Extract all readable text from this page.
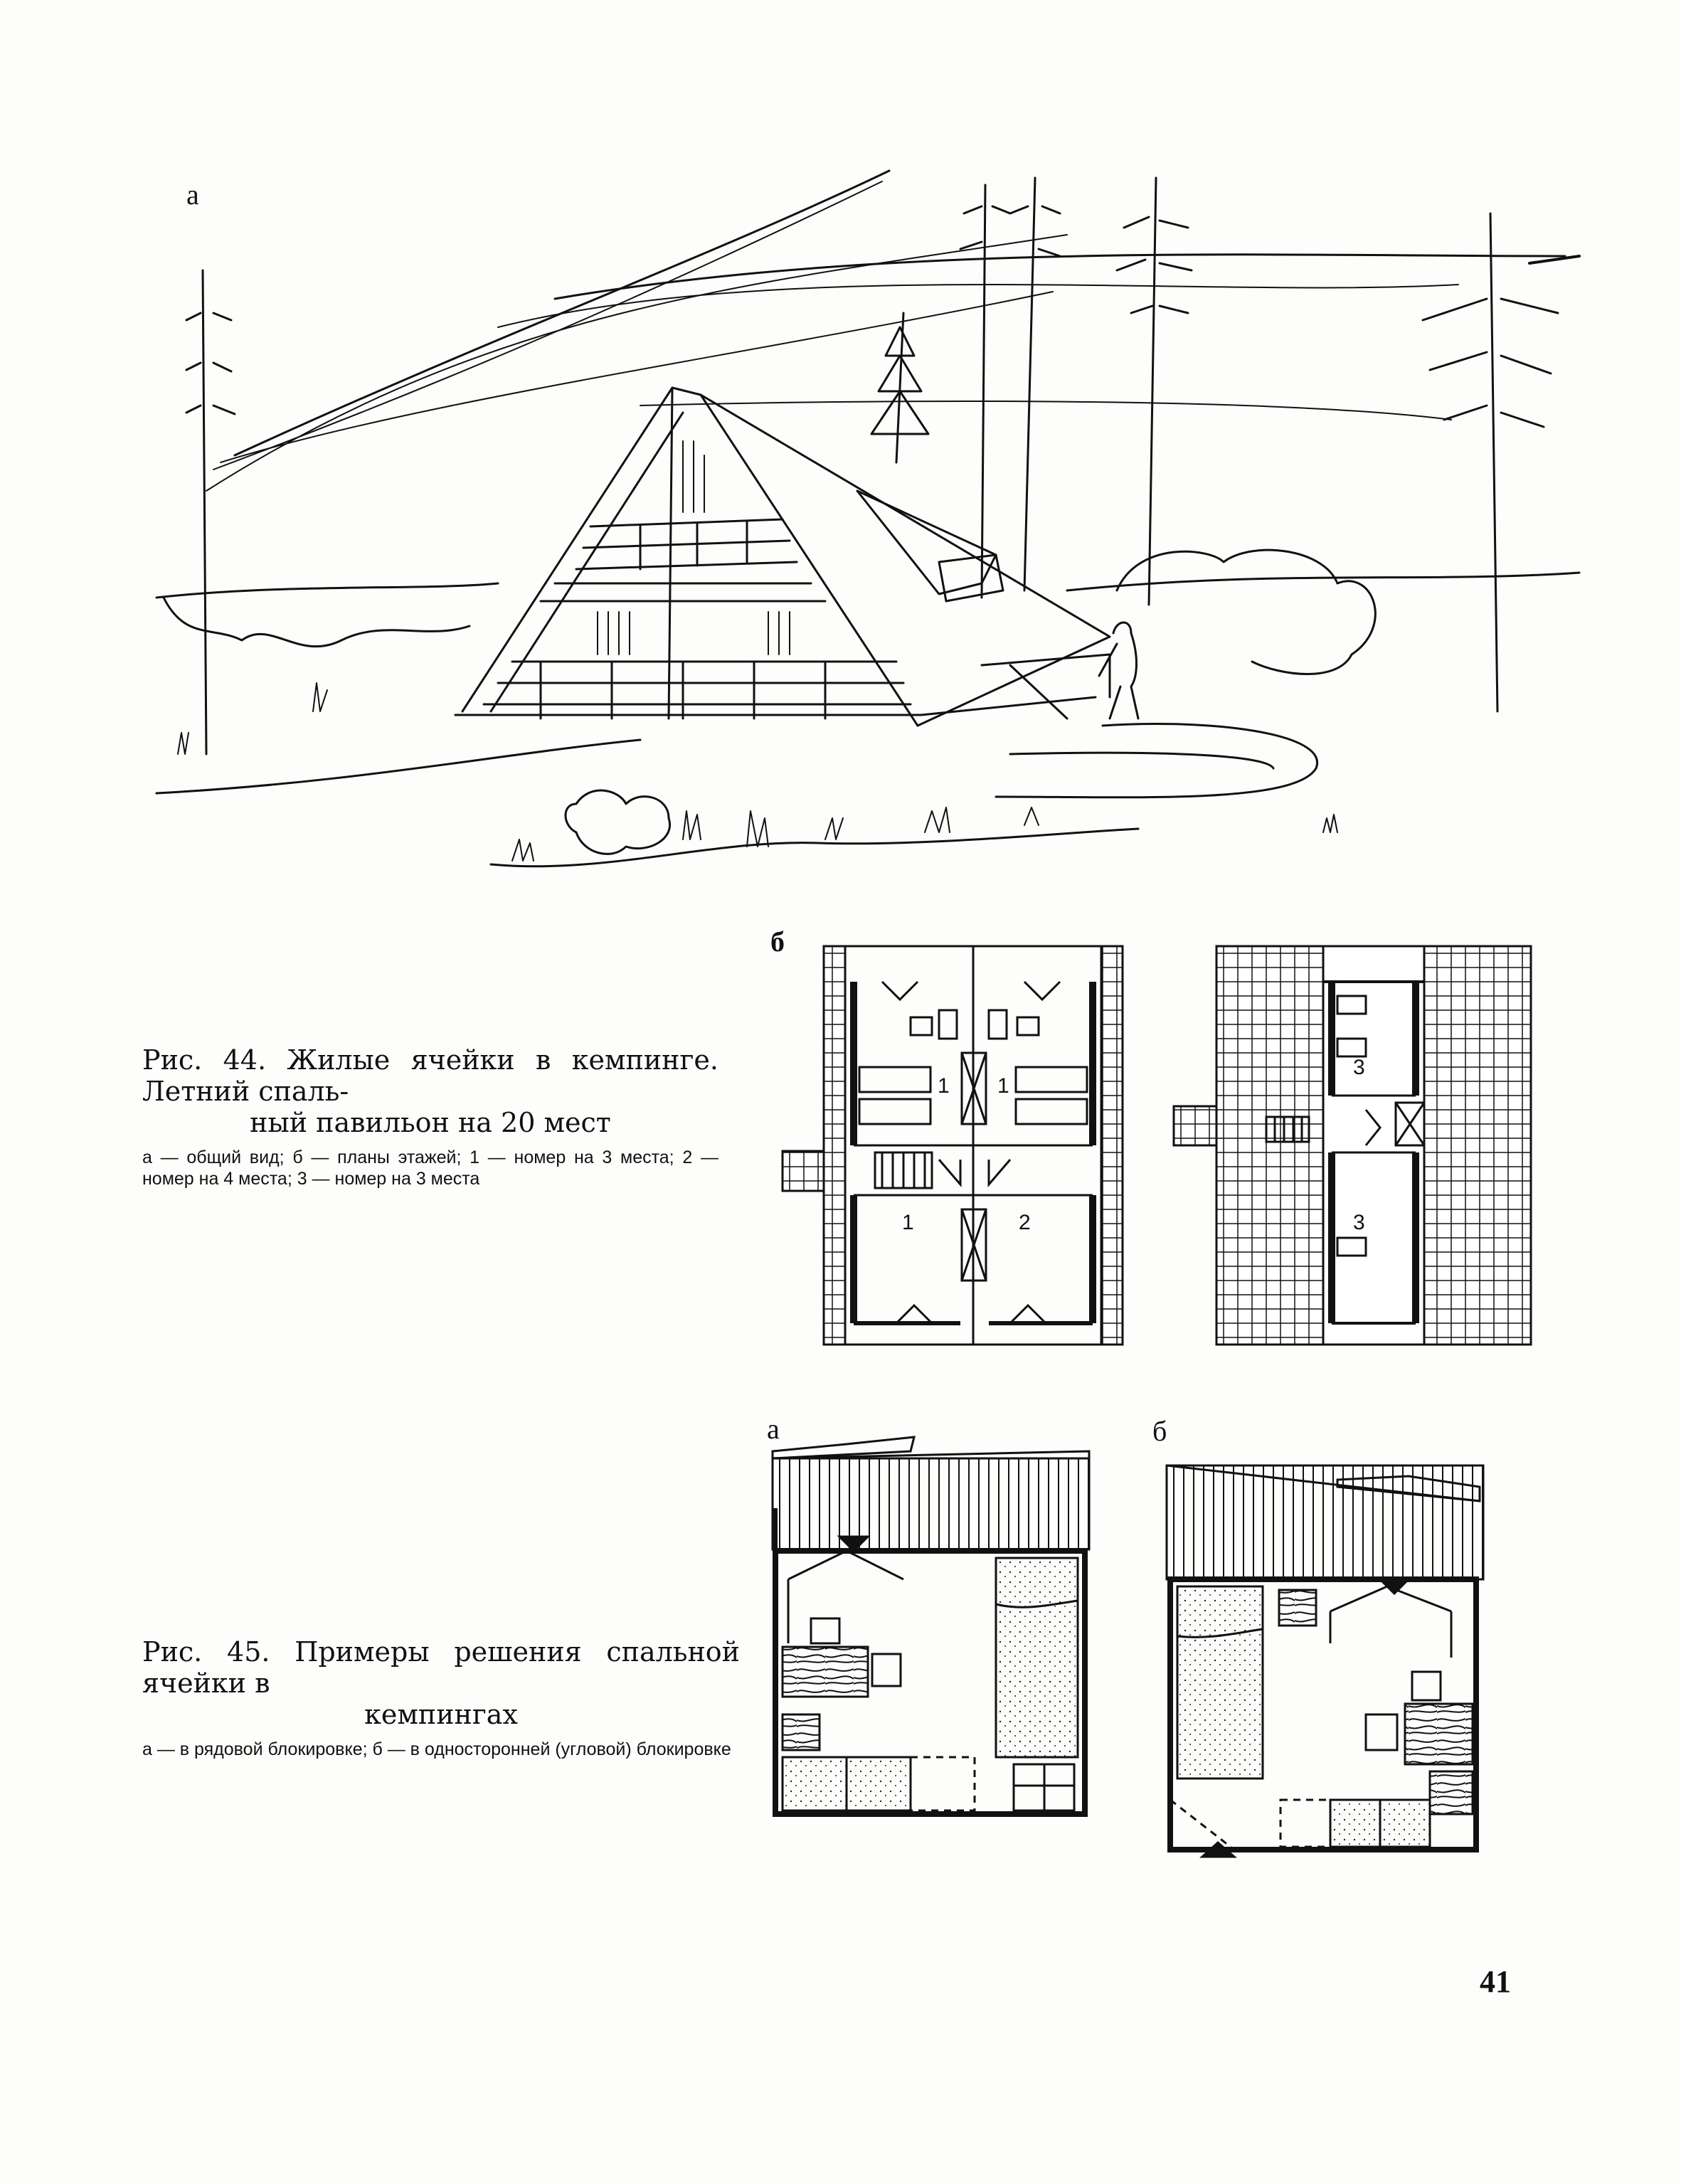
а
Рис. 44. Жилые ячейки в кемпинге. Летний спаль-
ный павильон на 20 мест
а — общий вид; б — планы этажей; 1 — номер на 3 места; 2 — номер на 4 места; 3 — номер на 3 места
б
1 1
1	2
3
3
а	б
Рис. 45. Примеры решения спальной ячейки в
кемпингах
а — в рядовой блокировке; б — в односторонней (угловой) блокировке
41
